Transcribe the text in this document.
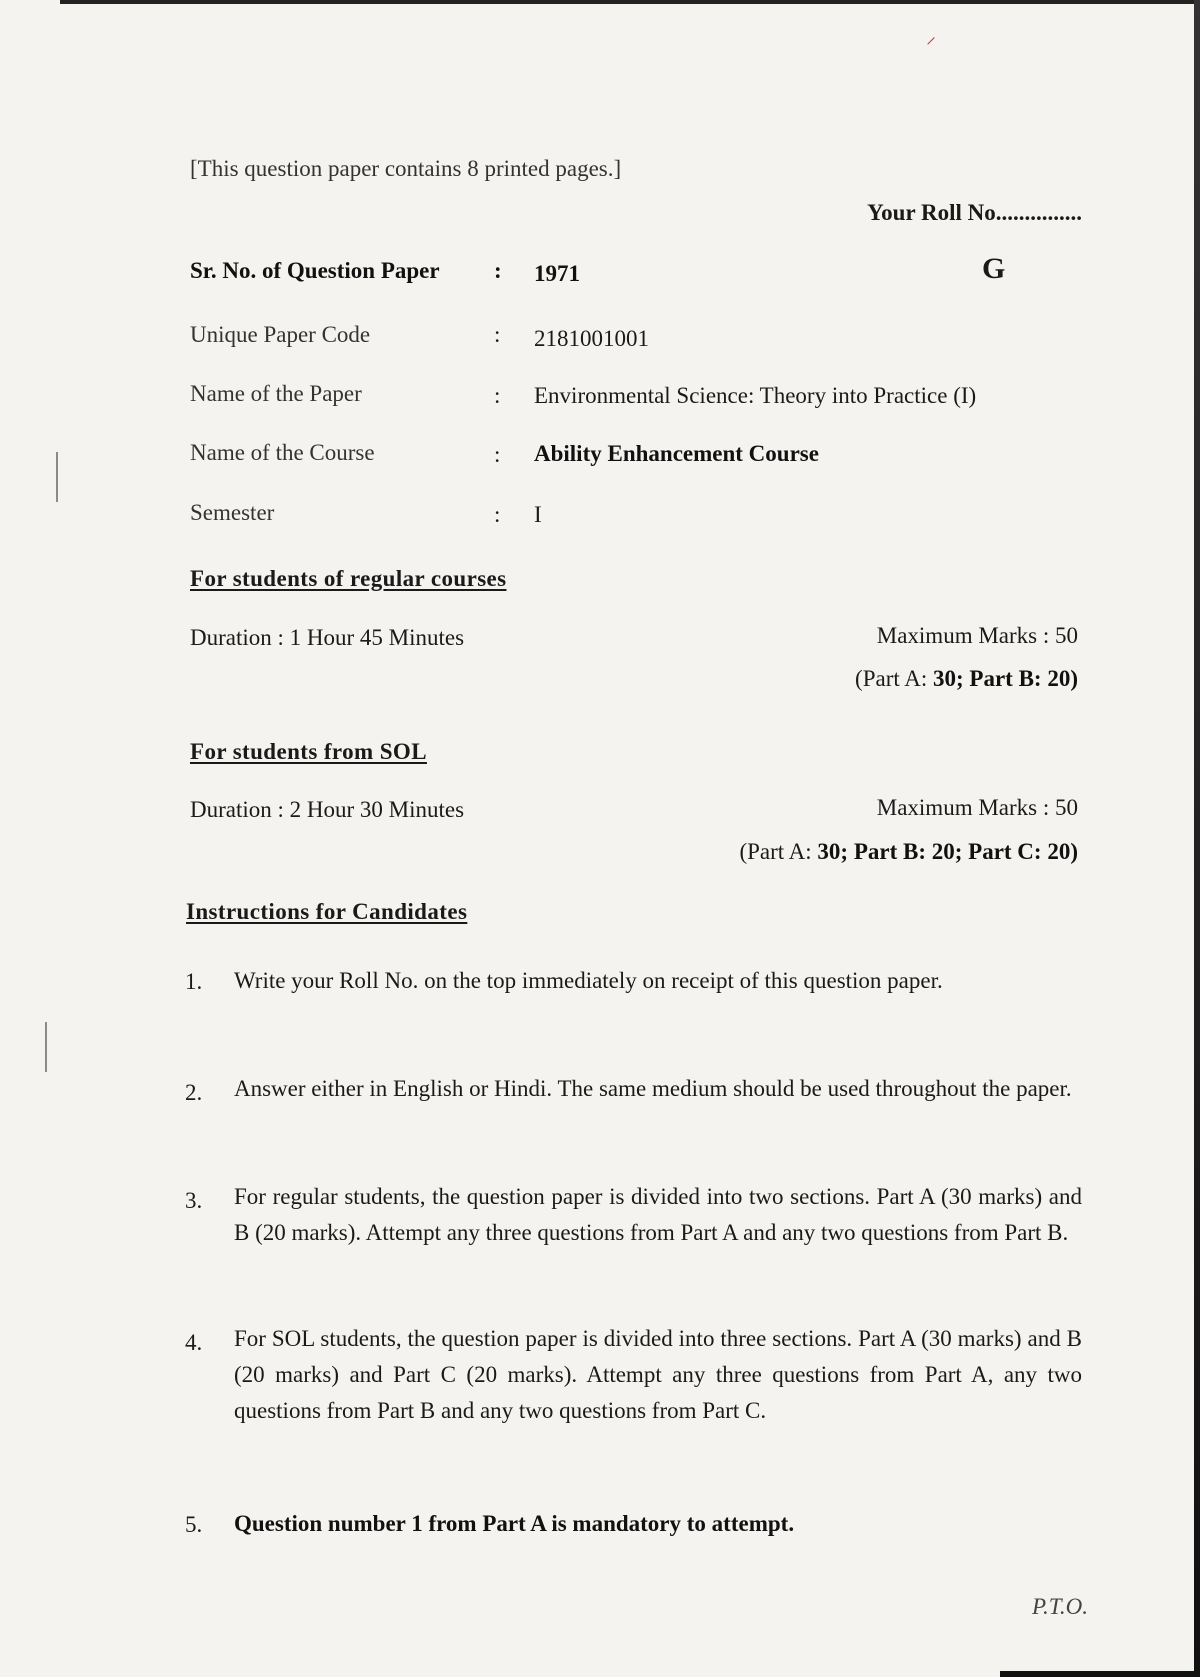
⸝
[This question paper contains 8 printed pages.]
Your Roll No...............
G
Sr. No. of Question Paper : 1971
Unique Paper Code	: 2181001001
Name of the Paper	: Environmental Science: Theory into Practice (I)
Name of the Course	: Ability Enhancement Course
Semester	: I
For students of regular courses
Duration : 1 Hour 45 Minutes	Maximum Marks : 50
(Part A: 30; Part B: 20)
For students from SOL
Duration : 2 Hour 30 Minutes	Maximum Marks : 50
(Part A: 30; Part B: 20; Part C: 20)
Instructions for Candidates
1. Write your Roll No. on the top immediately on receipt of this question paper.
2. Answer either in English or Hindi. The same medium should be used throughout the paper.
3. For regular students, the question paper is divided into two sections. Part A (30 marks) and B (20 marks). Attempt any three questions from Part A and any two questions from Part B.
4. For SOL students, the question paper is divided into three sections. Part A (30 marks) and B (20 marks) and Part C (20 marks). Attempt any three questions from Part A, any two questions from Part B and any two questions from Part C.
5. Question number 1 from Part A is mandatory to attempt.
P.T.O.
